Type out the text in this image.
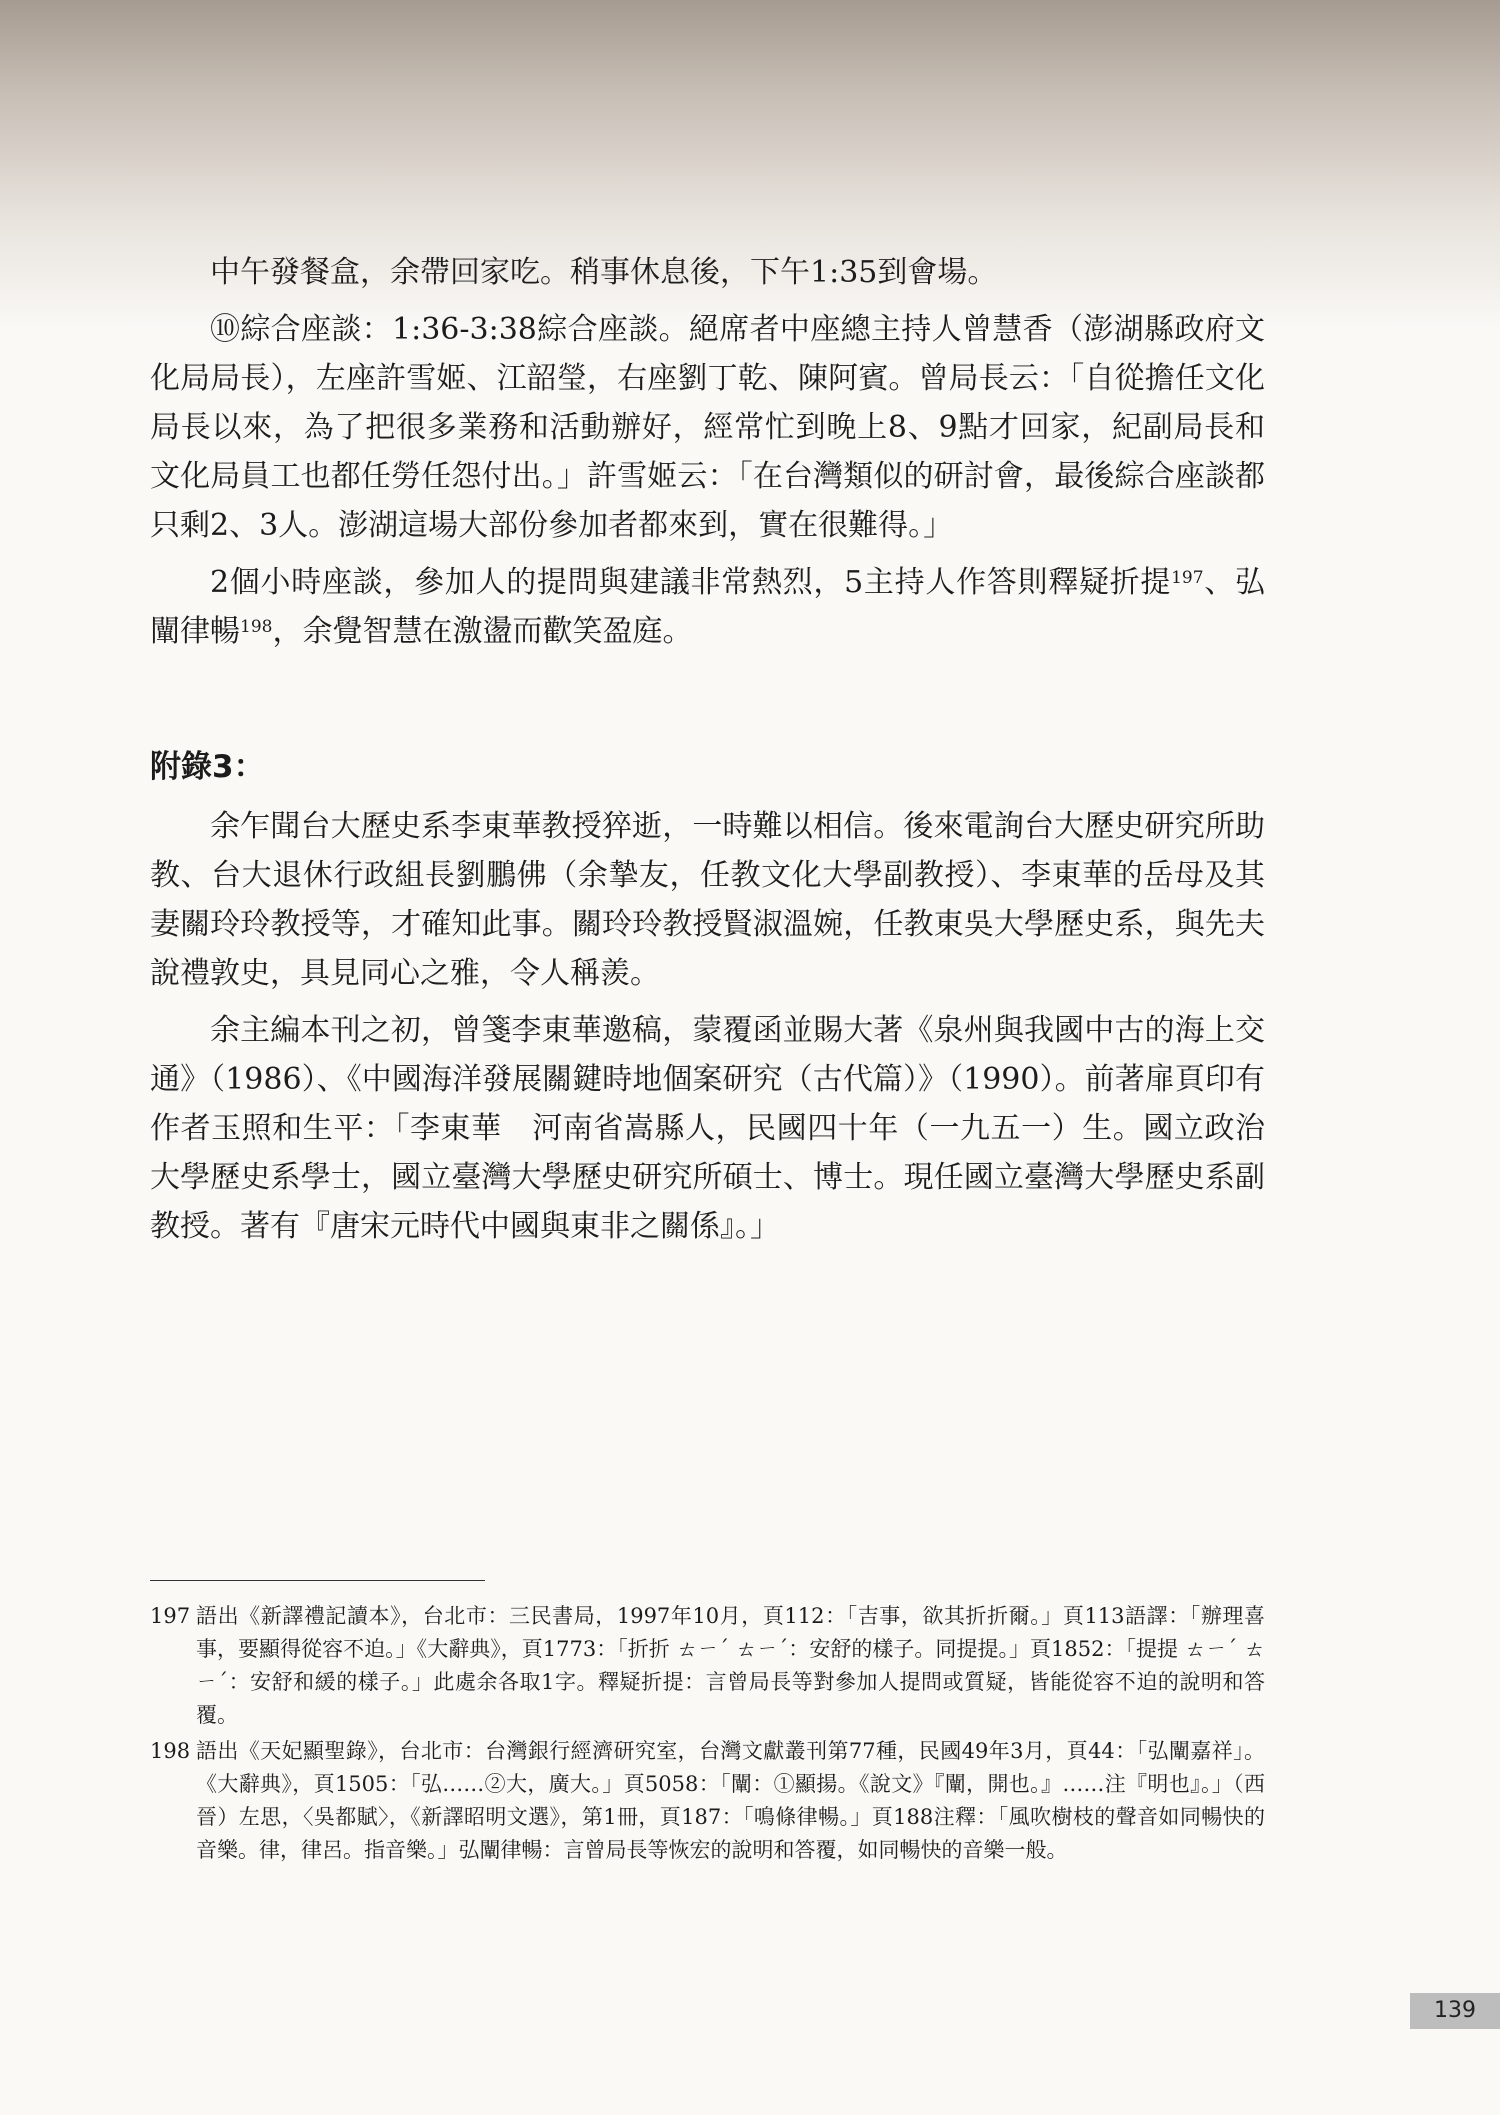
中午發餐盒，余帶回家吃。稍事休息後，下午1:35到會場。

⑩綜合座談：1:36-3:38綜合座談。絕席者中座總主持人曾慧香（澎湖縣政府文化局局長），左座許雪姬、江韶瑩，右座劉丁乾、陳阿賓。曾局長云：「自從擔任文化局長以來，為了把很多業務和活動辦好，經常忙到晚上8、9點才回家，紀副局長和文化局員工也都任勞任怨付出。」許雪姬云：「在台灣類似的研討會，最後綜合座談都只剩2、3人。澎湖這場大部份參加者都來到，實在很難得。」

2個小時座談，參加人的提問與建議非常熱烈，5主持人作答則釋疑折提$^{197}$、弘闡律暢$^{198}$，余覺智慧在激盪而歡笑盈庭。

附錄3：

余乍聞台大歷史系李東華教授猝逝，一時難以相信。後來電詢台大歷史研究所助教、台大退休行政組長劉鵬佛（余摯友，任教文化大學副教授）、李東華的岳母及其妻關玲玲教授等，才確知此事。關玲玲教授賢淑溫婉，任教東吳大學歷史系，與先夫說禮敦史，具見同心之雅，令人稱羨。

余主編本刊之初，曾箋李東華邀稿，蒙覆函並賜大著《泉州與我國中古的海上交通》（1986）、《中國海洋發展關鍵時地個案研究（古代篇）》（1990）。前著扉頁印有作者玉照和生平：「李東華　河南省嵩縣人，民國四十年（一九五一）生。國立政治大學歷史系學士，國立臺灣大學歷史研究所碩士、博士。現任國立臺灣大學歷史系副教授。著有『唐宋元時代中國與東非之關係』。」

197 語出《新譯禮記讀本》，台北市：三民書局，1997年10月，頁112：「吉事，欲其折折爾。」頁113語譯：「辦理喜事，要顯得從容不迫。」《大辭典》，頁1773：「折折 ㄊㄧˊ ㄊㄧˊ：安舒的樣子。同提提。」頁1852：「提提 ㄊㄧˊ ㄊㄧˊ：安舒和緩的樣子。」此處余各取1字。釋疑折提：言曾局長等對參加人提問或質疑，皆能從容不迫的說明和答覆。
198 語出《天妃顯聖錄》，台北市：台灣銀行經濟研究室，台灣文獻叢刊第77種，民國49年3月，頁44：「弘闡嘉祥」。《大辭典》，頁1505：「弘……②大，廣大。」頁5058：「闡：①顯揚。《說文》『闡，開也。』……注『明也』。」（西晉）左思，〈吳都賦〉，《新譯昭明文選》，第1冊，頁187：「鳴條律暢。」頁188注釋：「風吹樹枝的聲音如同暢快的音樂。律，律呂。指音樂。」弘闡律暢：言曾局長等恢宏的說明和答覆，如同暢快的音樂一般。
139
